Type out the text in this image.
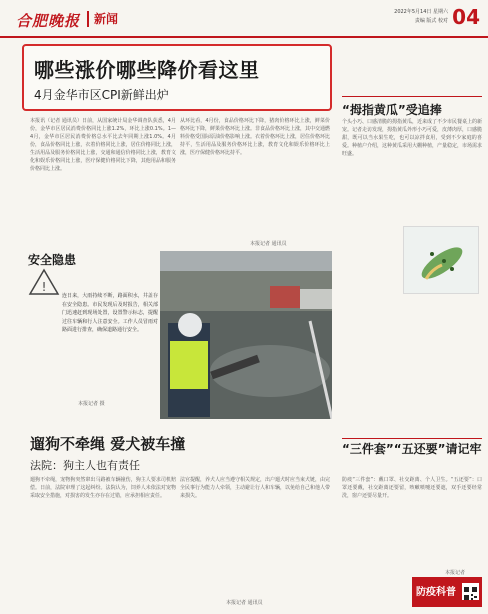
合肥晚报 新闻	2022年5月14日 星期六
责编 版式 校对 04
哪些涨价哪些降价看这里
4月金华市区CPI新鲜出炉
本报讯（记者 通讯员）日前，从国家统计局金华调查队获悉，4月份，金华市区居民消费价格同比上涨1.2%，环比上涨0.1%。1—4月，金华市区居民消费价格总水平比去年同期上涨1.0%。4月份，食品价格同比上涨，衣着价格同比上涨，居住价格同比上涨，生活用品及服务价格同比上涨，交通和通信价格同比上涨，教育文化和娱乐价格同比上涨，医疗保健价格同比下降，其他用品和服务价格同比上涨。
从环比看，4月份，食品价格环比下降，猪肉价格环比上涨，鲜菜价格环比下降，鲜果价格环比上涨。非食品价格环比上涨，其中交通燃料价格受国际原油价格影响上涨。衣着价格环比上涨，居住价格环比持平，生活用品及服务价格环比上涨，教育文化和娱乐价格环比上涨，医疗保健价格环比持平。
本报记者 通讯员
安全隐患
!
连日来，大雨持续不断，路面积水，井盖存在安全隐患。市民发现后及时报告，相关部门迅速赶到现场处置，设置警示标志，提醒过往车辆和行人注意安全。工作人员冒雨对路面进行排查，确保道路通行安全。
本报记者 摄
遛狗不牵绳 爱犬被车撞
法院：狗主人也有责任
遛狗不牵绳，宠物狗突然窜出马路被车辆撞伤，狗主人要求司机赔偿。日前，法院审理了这起纠纷。法院认为，饲养人未依法对宠物采取安全措施，对损害的发生亦存在过错，应承担相应责任。
法官提醒，养犬人应当遵守相关规定，出户遛犬时应当束犬链，由完全民事行为能力人牵领，主动避让行人和车辆，以免给自己和他人带来损失。
本报记者 通讯员
“拇指黄瓜”受追捧
个头小巧、口感清脆的拇指黄瓜，近来成了不少市民餐桌上的新宠。记者走访发现，拇指黄瓜外形小巧可爱，皮薄肉厚，口感脆甜，既可以当水果生吃，也可以凉拌食用，受到不少家庭的喜爱。种植户介绍，这种黄瓜采用大棚种植，产量稳定，市场需求旺盛。
“三件套”“五还要”请记牢
防疫“三件套”：戴口罩、社交距离、个人卫生。“五还要”：口罩还要戴，社交距离还要留，咳嗽喷嚏还要遮，双手还要经常洗，窗户还要尽量开。
本报记者
防疫科普
